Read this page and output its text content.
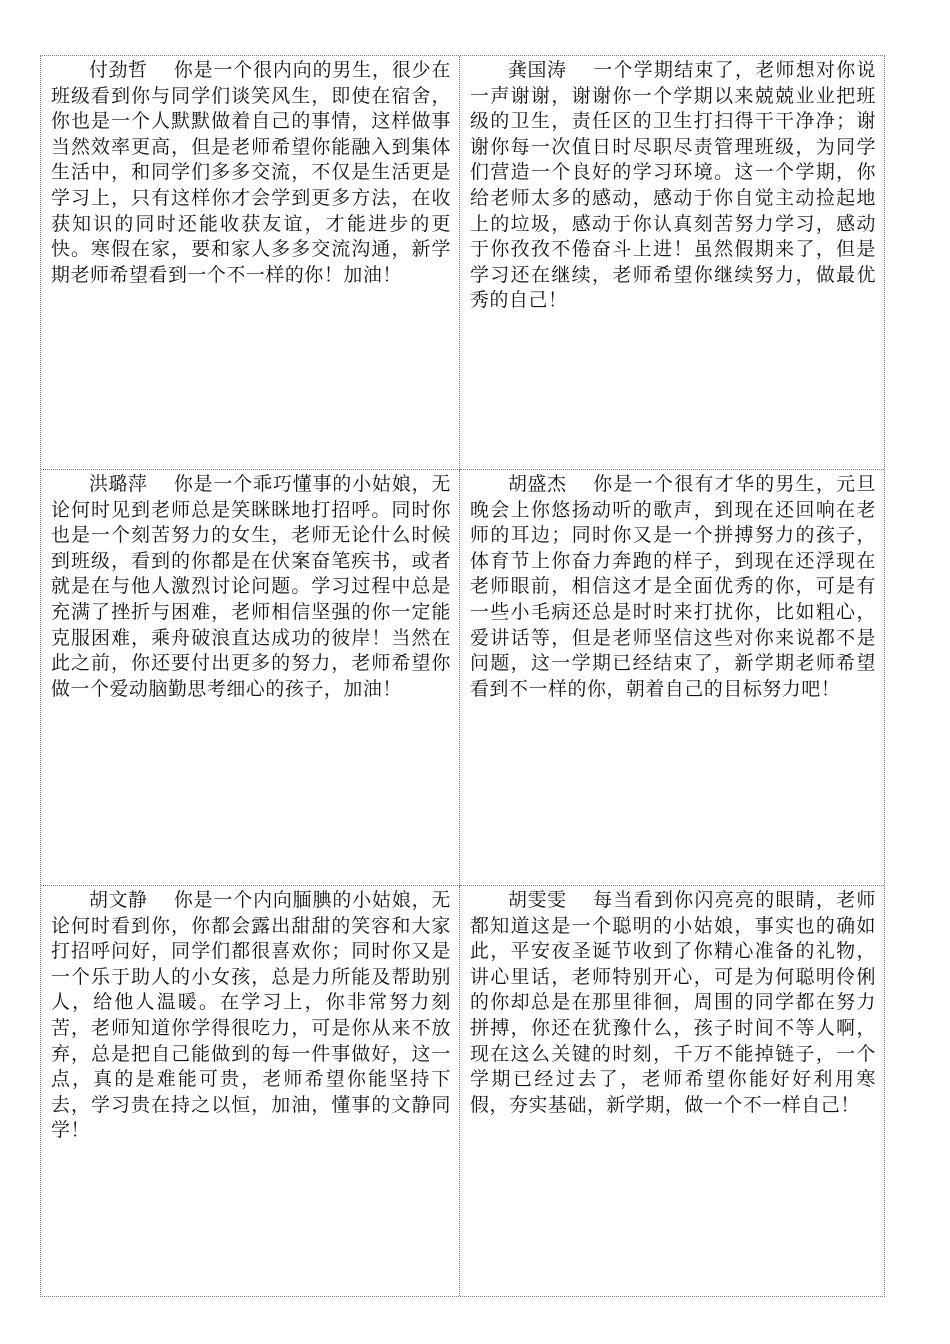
付劲哲 你是一个很内向的男生，很少在班级看到你与同学们谈笑风生，即使在宿舍，你也是一个人默默做着自己的事情，这样做事当然效率更高，但是老师希望你能融入到集体生活中，和同学们多多交流，不仅是生活更是学习上，只有这样你才会学到更多方法，在收获知识的同时还能收获友谊，才能进步的更快。寒假在家，要和家人多多交流沟通，新学期老师希望看到一个不一样的你！加油！

龚国涛 一个学期结束了，老师想对你说一声谢谢，谢谢你一个学期以来兢兢业业把班级的卫生，责任区的卫生打扫得干干净净；谢谢你每一次值日时尽职尽责管理班级，为同学们营造一个良好的学习环境。这一个学期，你给老师太多的感动，感动于你自觉主动捡起地上的垃圾，感动于你认真刻苦努力学习，感动于你孜孜不倦奋斗上进！虽然假期来了，但是学习还在继续，老师希望你继续努力，做最优秀的自己！

洪璐萍 你是一个乖巧懂事的小姑娘，无论何时见到老师总是笑眯眯地打招呼。同时你也是一个刻苦努力的女生，老师无论什么时候到班级，看到的你都是在伏案奋笔疾书，或者就是在与他人激烈讨论问题。学习过程中总是充满了挫折与困难，老师相信坚强的你一定能克服困难，乘舟破浪直达成功的彼岸！当然在此之前，你还要付出更多的努力，老师希望你做一个爱动脑勤思考细心的孩子，加油！

胡盛杰 你是一个很有才华的男生，元旦晚会上你悠扬动听的歌声，到现在还回响在老师的耳边；同时你又是一个拼搏努力的孩子，体育节上你奋力奔跑的样子，到现在还浮现在老师眼前，相信这才是全面优秀的你，可是有一些小毛病还总是时时来打扰你，比如粗心，爱讲话等，但是老师坚信这些对你来说都不是问题，这一学期已经结束了，新学期老师希望看到不一样的你，朝着自己的目标努力吧！

胡文静 你是一个内向腼腆的小姑娘，无论何时看到你，你都会露出甜甜的笑容和大家打招呼问好，同学们都很喜欢你；同时你又是一个乐于助人的小女孩，总是力所能及帮助别人，给他人温暖。在学习上，你非常努力刻苦，老师知道你学得很吃力，可是你从来不放弃，总是把自己能做到的每一件事做好，这一点，真的是难能可贵，老师希望你能坚持下去，学习贵在持之以恒，加油，懂事的文静同学！

胡雯雯 每当看到你闪亮亮的眼睛，老师都知道这是一个聪明的小姑娘，事实也的确如此，平安夜圣诞节收到了你精心准备的礼物，讲心里话，老师特别开心，可是为何聪明伶俐的你却总是在那里徘徊，周围的同学都在努力拼搏，你还在犹豫什么，孩子时间不等人啊，现在这么关键的时刻，千万不能掉链子，一个学期已经过去了，老师希望你能好好利用寒假，夯实基础，新学期，做一个不一样自己！
